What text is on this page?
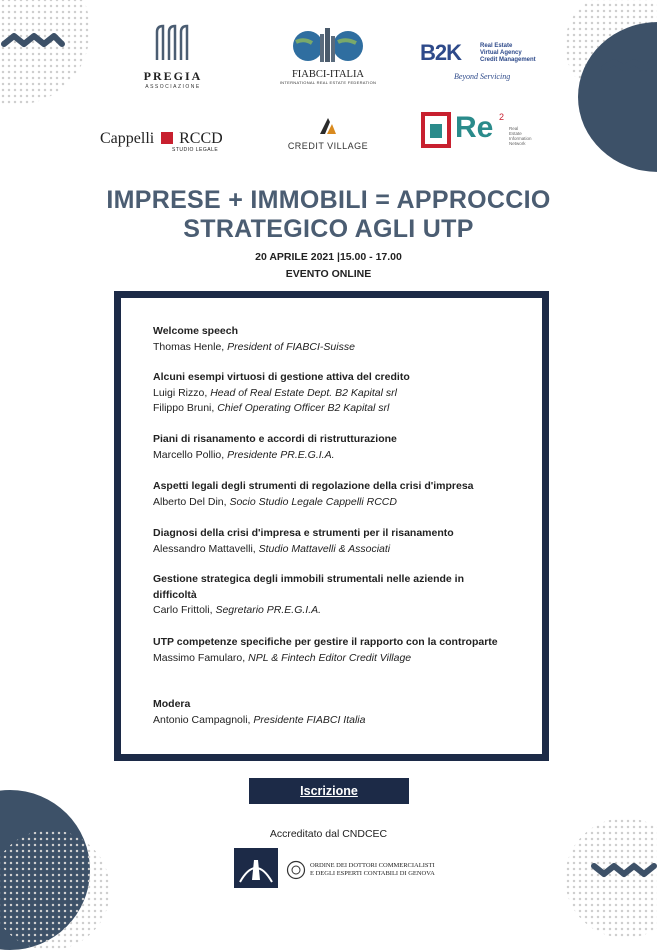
PREGIA
ASSOCIAZIONE
FIABCI-ITALIA
INTERNATIONAL REAL ESTATE FEDERATION
B2K	Real Estate
Virtual Agency
Credit Management
Beyond Servicing
Cappelli RCCD
STUDIO LEGALE	CREDIT VILLAGE
Re 2
Real Estate
Information
Network
IMPRESE + IMMOBILI = APPROCCIO
STRATEGICO AGLI UTP
20 APRILE 2021 |15.00 - 17.00
EVENTO ONLINE
Welcome speech
Thomas Henle, President of FIABCI-Suisse
Alcuni esempi virtuosi di gestione attiva del credito
Luigi Rizzo, Head of Real Estate Dept. B2 Kapital srl
Filippo Bruni, Chief Operating Officer B2 Kapital srl
Piani di risanamento e accordi di ristrutturazione
Marcello Pollio, Presidente PR.E.G.I.A.
Aspetti legali degli strumenti di regolazione della crisi d'impresa
Alberto Del Din, Socio Studio Legale Cappelli RCCD
Diagnosi della crisi d'impresa e strumenti per il risanamento
Alessandro Mattavelli, Studio Mattavelli & Associati
Gestione strategica degli immobili strumentali nelle aziende in difficoltà
Carlo Frittoli, Segretario PR.E.G.I.A.
UTP competenze specifiche per gestire il rapporto con la controparte
Massimo Famularo, NPL & Fintech Editor Credit Village
Modera
Antonio Campagnoli, Presidente FIABCI Italia
Iscrizione
Accreditato dal CNDCEC
ORDINE DEI DOTTORI COMMERCIALISTI
E DEGLI ESPERTI CONTABILI DI GENOVA
